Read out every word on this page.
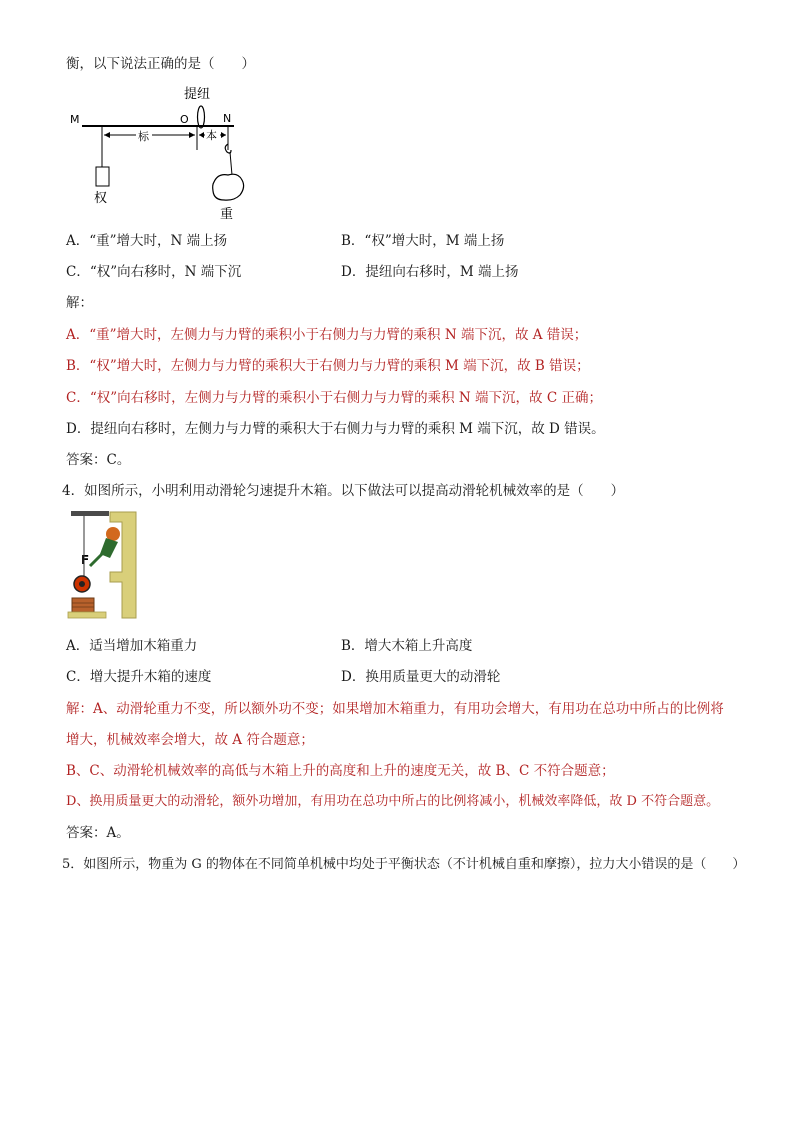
衡，以下说法正确的是（　　）
提纽
M	O	N
标	本
权
重
A．“重”增大时，N 端上扬	B．“权”增大时，M 端上扬
C．“权”向右移时，N 端下沉	D．提纽向右移时，M 端上扬
解：
A．“重”增大时，左侧力与力臂的乘积小于右侧力与力臂的乘积 N 端下沉，故 A 错误；
B．“权”增大时，左侧力与力臂的乘积大于右侧力与力臂的乘积 M 端下沉，故 B 错误；
C．“权”向右移时，左侧力与力臂的乘积小于右侧力与力臂的乘积 N 端下沉，故 C 正确；
D．提纽向右移时，左侧力与力臂的乘积大于右侧力与力臂的乘积 M 端下沉，故 D 错误。
答案：C。
4．如图所示，小明利用动滑轮匀速提升木箱。以下做法可以提高动滑轮机械效率的是（　　）
F
A．适当增加木箱重力	B．增大木箱上升高度
C．增大提升木箱的速度	D．换用质量更大的动滑轮
解：A、动滑轮重力不变，所以额外功不变；如果增加木箱重力，有用功会增大，有用功在总功中所占的比例将
增大，机械效率会增大，故 A 符合题意；
B、C、动滑轮机械效率的高低与木箱上升的高度和上升的速度无关，故 B、C 不符合题意；
D、换用质量更大的动滑轮，额外功增加，有用功在总功中所占的比例将减小，机械效率降低，故 D 不符合题意。
答案：A。
5．如图所示，物重为 G 的物体在不同简单机械中均处于平衡状态（不计机械自重和摩擦），拉力大小错误的是（　　）
